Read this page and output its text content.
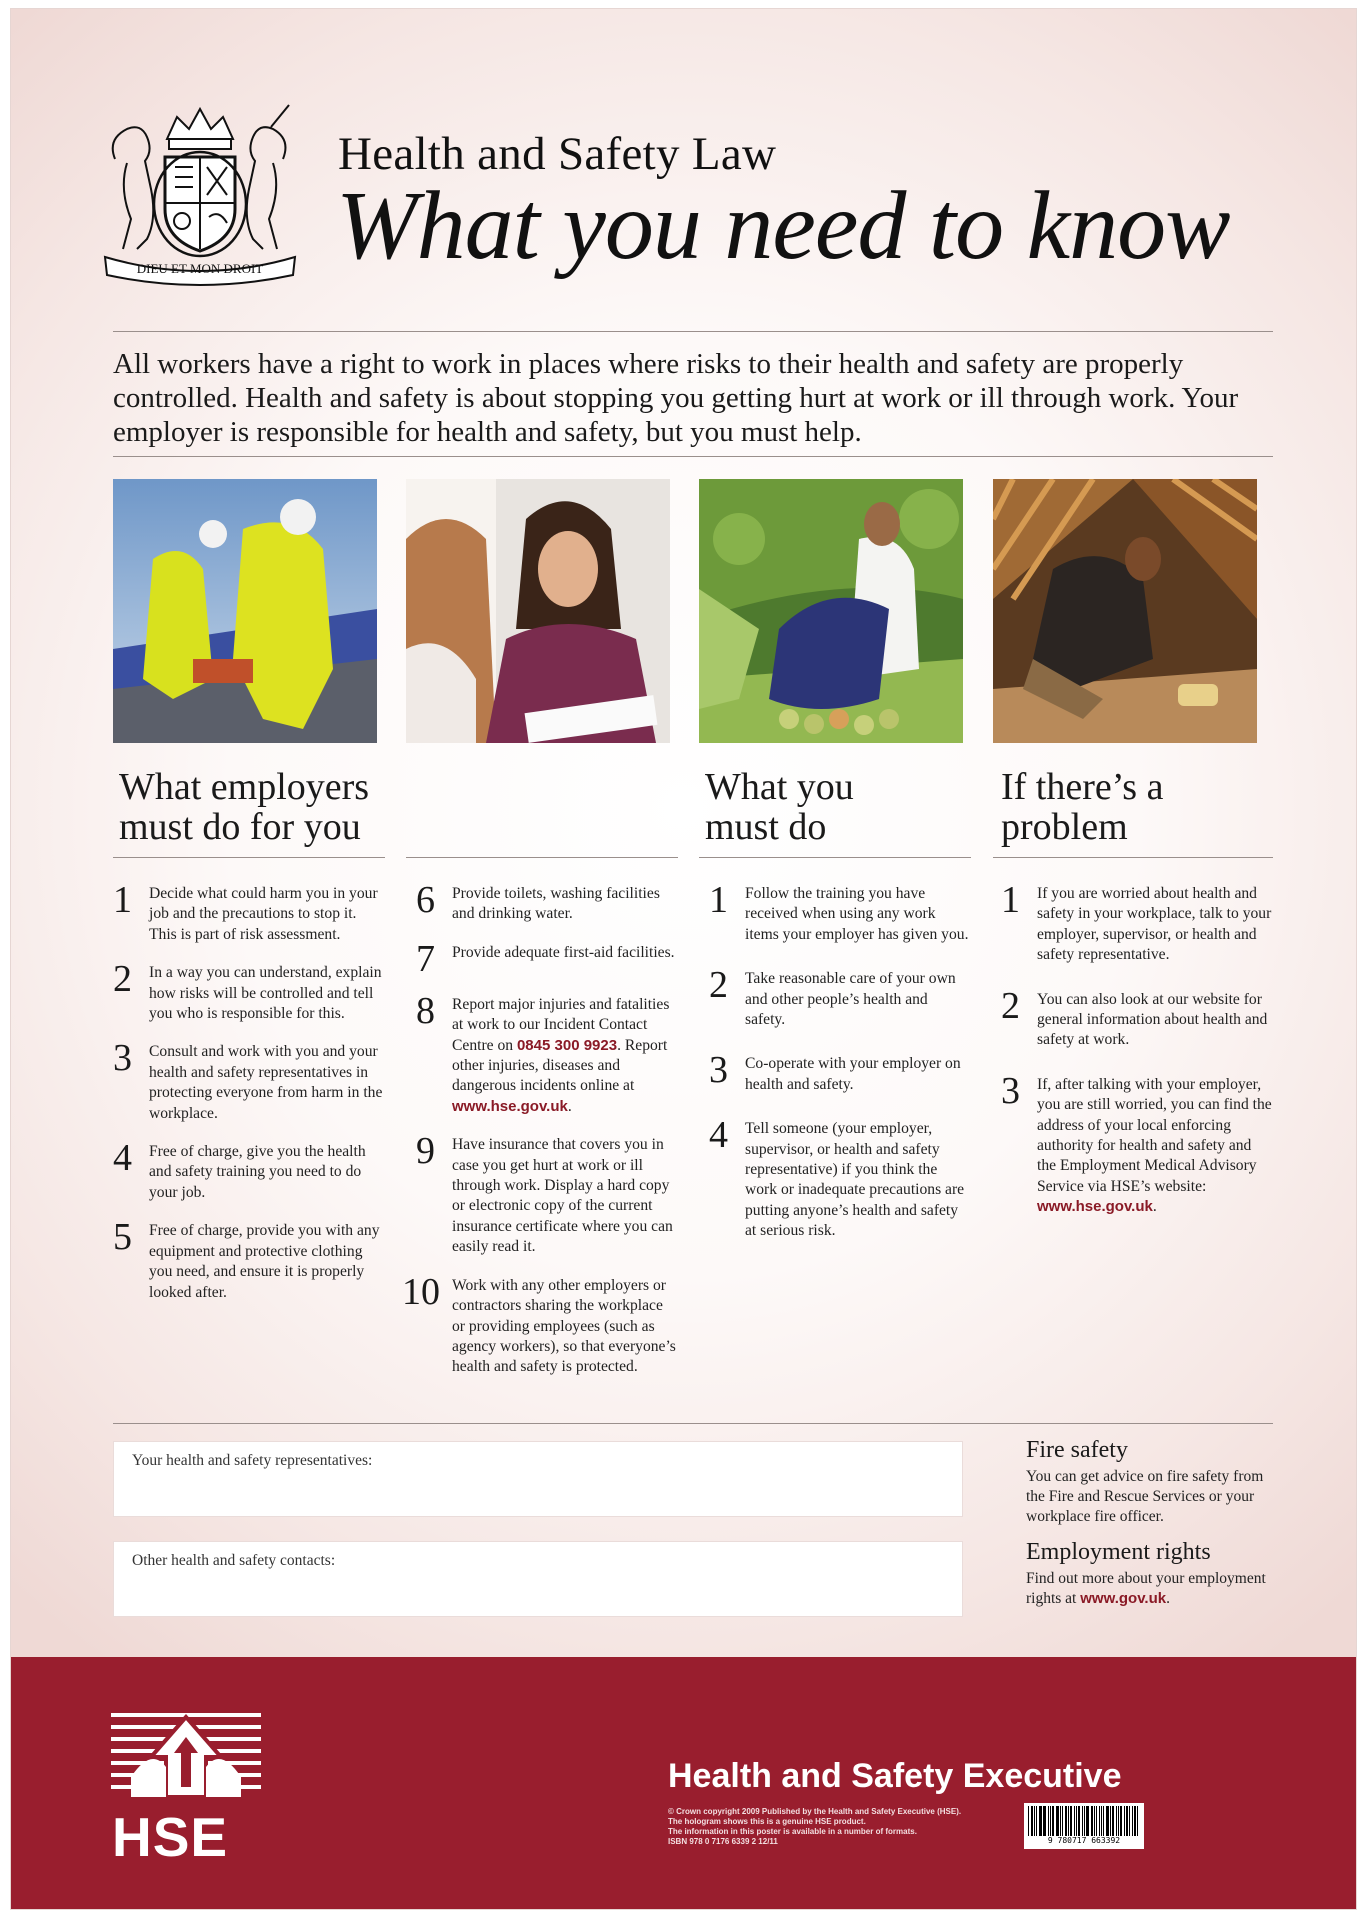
DIEU ET MON DROIT
Health and Safety Law
What you need to know
All workers have a right to work in places where risks to their health and safety are properly controlled. Health and safety is about stopping you getting hurt at work or ill through work. Your employer is responsible for health and safety, but you must help.
What employers must do for you
What you must do
If there’s a problem
1	Decide what could harm you in your job and the precautions to stop it. This is part of risk assessment.
2	In a way you can understand, explain how risks will be controlled and tell you who is responsible for this.
3	Consult and work with you and your health and safety representatives in protecting everyone from harm in the workplace.
4	Free of charge, give you the health and safety training you need to do your job.
5	Free of charge, provide you with any equipment and protective clothing you need, and ensure it is properly looked after.
6	Provide toilets, washing facilities and drinking water.
7	Provide adequate first-aid facilities.
8	Report major injuries and fatalities at work to our Incident Contact Centre on 0845 300 9923. Report other injuries, diseases and dangerous incidents online at www.hse.gov.uk.
9	Have insurance that covers you in case you get hurt at work or ill through work. Display a hard copy or electronic copy of the current insurance certificate where you can easily read it.
10 Work with any other employers or contractors sharing the workplace or providing employees (such as agency workers), so that everyone’s health and safety is protected.
1	Follow the training you have received when using any work items your employer has given you.
2	Take reasonable care of your own and other people’s health and safety.
3	Co-operate with your employer on health and safety.
4	Tell someone (your employer, supervisor, or health and safety representative) if you think the work or inadequate precautions are putting anyone’s health and safety at serious risk.
1	If you are worried about health and safety in your workplace, talk to your employer, supervisor, or health and safety representative.
2	You can also look at our website for general information about health and safety at work.
3	If, after talking with your employer, you are still worried, you can find the address of your local enforcing authority for health and safety and the Employment Medical Advisory Service via HSE’s website: www.hse.gov.uk.
Your health and safety representatives:
Other health and safety contacts:
Fire safety
You can get advice on fire safety from the Fire and Rescue Services or your workplace fire officer.
Employment rights
Find out more about your employment rights at www.gov.uk.
HSE
Health and Safety Executive
© Crown copyright 2009 Published by the Health and Safety Executive (HSE).
The hologram shows this is a genuine HSE product.
The information in this poster is available in a number of formats.
ISBN 978 0 7176 6339 2 12/11	9 780717 663392
